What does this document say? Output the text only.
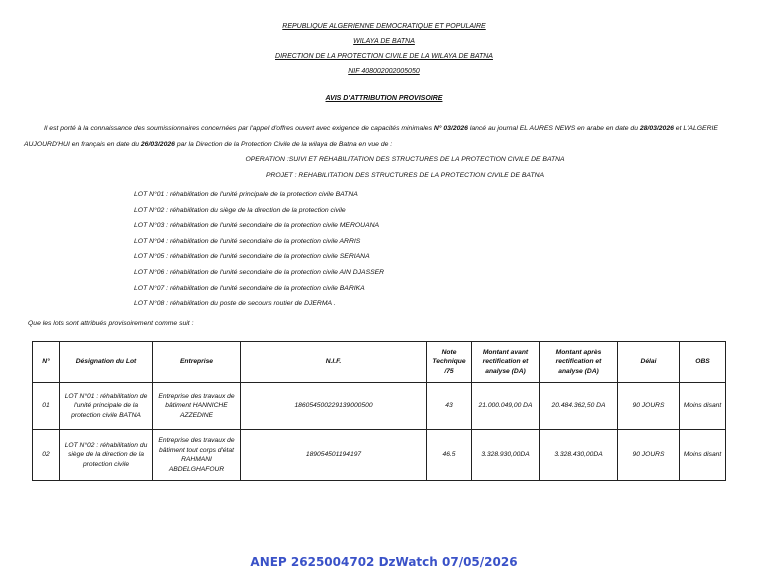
REPUBLIQUE ALGERIENNE DEMOCRATIQUE ET POPULAIRE
WILAYA DE BATNA
DIRECTION DE LA PROTECTION CIVILE DE LA WILAYA DE BATNA
NIF 408002002005050
AVIS D'ATTRIBUTION PROVISOIRE
Il est porté à la connaissance des soumissionnaires concernées par l'appel d'offres ouvert avec exigence de capacités minimales N° 03/2026 lancé au journal EL AURES NEWS en arabe en date du 28/03/2026 et L'ALGERIE AUJOURD'HUI en français en date du 26/03/2026 par la Direction de la Protection Civile de la wilaya de Batna en vue de :
OPERATION :SUIVI ET REHABILITATION DES STRUCTURES DE LA PROTECTION CIVILE DE BATNA
PROJET : REHABILITATION DES STRUCTURES DE LA PROTECTION CIVILE DE BATNA
LOT N°01 : réhabilitation de l'unité principale de la protection civile BATNA
LOT N°02 : réhabilitation du siège de la direction de la protection civile
LOT N°03 : réhabilitation de l'unité secondaire de la protection civile MEROUANA
LOT N°04 : réhabilitation de l'unité secondaire de la protection civile ARRIS
LOT N°05 : réhabilitation de l'unité secondaire de la protection civile SERIANA
LOT N°06 : réhabilitation de l'unité secondaire de la protection civile AIN DJASSER
LOT N°07 : réhabilitation de l'unité secondaire de la protection civile BARIKA
LOT N°08 : réhabilitation du poste de secours routier de DJERMA .
Que les lots sont attribués provisoirement comme suit :
N°	Désignation du Lot	Entreprise	N.I.F.	Note Technique /75	Montant avant rectification et analyse (DA)	Montant après rectification et analyse (DA)	Délai	OBS
01	LOT N°01 : réhabilitation de l'unité principale de la protection civile BATNA	Entreprise des travaux de bâtiment HANNICHE AZZEDINE	186054500229139000500	43	21.000.049,00 DA	20.484.362,50 DA	90 JOURS	Moins disant
02	LOT N°02 : réhabilitation du siège de la direction de la protection civile	Entreprise des travaux de bâtiment tout corps d'état RAHMANI ABDELGHAFOUR	189054501194197	46.5	3.328.930,00DA	3.328.430,00DA	90 JOURS	Moins disant
ANEP 2625004702 DzWatch 07/05/2026
